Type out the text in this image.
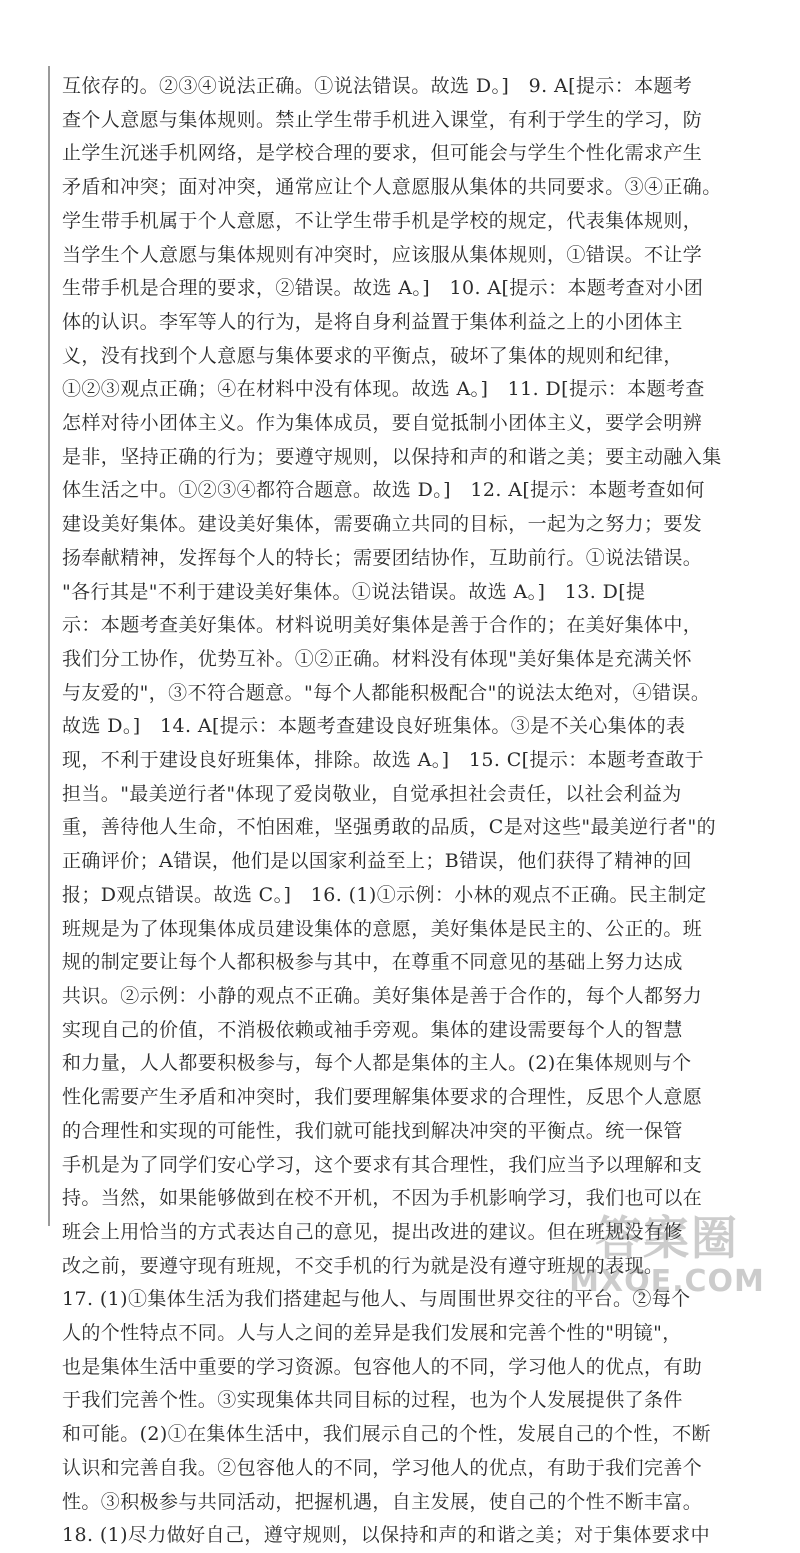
互依存的。②③④说法正确。①说法错误。故选 D。]　9. A[提示：本题考
查个人意愿与集体规则。禁止学生带手机进入课堂，有利于学生的学习，防
止学生沉迷手机网络，是学校合理的要求，但可能会与学生个性化需求产生
矛盾和冲突；面对冲突，通常应让个人意愿服从集体的共同要求。③④正确。
学生带手机属于个人意愿，不让学生带手机是学校的规定，代表集体规则，
当学生个人意愿与集体规则有冲突时，应该服从集体规则，①错误。不让学
生带手机是合理的要求，②错误。故选 A。]　10. A[提示：本题考查对小团
体的认识。李军等人的行为，是将自身利益置于集体利益之上的小团体主
义，没有找到个人意愿与集体要求的平衡点，破坏了集体的规则和纪律，
①②③观点正确；④在材料中没有体现。故选 A。]　11. D[提示：本题考查
怎样对待小团体主义。作为集体成员，要自觉抵制小团体主义，要学会明辨
是非，坚持正确的行为；要遵守规则，以保持和声的和谐之美；要主动融入集
体生活之中。①②③④都符合题意。故选 D。]　12. A[提示：本题考查如何
建设美好集体。建设美好集体，需要确立共同的目标，一起为之努力；要发
扬奉献精神，发挥每个人的特长；需要团结协作，互助前行。①说法错误。
"各行其是"不利于建设美好集体。①说法错误。故选 A。]　13. D[提
示：本题考查美好集体。材料说明美好集体是善于合作的；在美好集体中，
我们分工协作，优势互补。①②正确。材料没有体现"美好集体是充满关怀
与友爱的"，③不符合题意。"每个人都能积极配合"的说法太绝对，④错误。
故选 D。]　14. A[提示：本题考查建设良好班集体。③是不关心集体的表
现，不利于建设良好班集体，排除。故选 A。]　15. C[提示：本题考查敢于
担当。"最美逆行者"体现了爱岗敬业，自觉承担社会责任，以社会利益为
重，善待他人生命，不怕困难，坚强勇敢的品质，C是对这些"最美逆行者"的
正确评价；A错误，他们是以国家利益至上；B错误，他们获得了精神的回
报；D观点错误。故选 C。]　16. (1)①示例：小林的观点不正确。民主制定
班规是为了体现集体成员建设集体的意愿，美好集体是民主的、公正的。班
规的制定要让每个人都积极参与其中，在尊重不同意见的基础上努力达成
共识。②示例：小静的观点不正确。美好集体是善于合作的，每个人都努力
实现自己的价值，不消极依赖或袖手旁观。集体的建设需要每个人的智慧
和力量，人人都要积极参与，每个人都是集体的主人。(2)在集体规则与个
性化需要产生矛盾和冲突时，我们要理解集体要求的合理性，反思个人意愿
的合理性和实现的可能性，我们就可能找到解决冲突的平衡点。统一保管
手机是为了同学们安心学习，这个要求有其合理性，我们应当予以理解和支
持。当然，如果能够做到在校不开机，不因为手机影响学习，我们也可以在
班会上用恰当的方式表达自己的意见，提出改进的建议。但在班规没有修
改之前，要遵守现有班规，不交手机的行为就是没有遵守班规的表现。
17. (1)①集体生活为我们搭建起与他人、与周围世界交往的平台。②每个
人的个性特点不同。人与人之间的差异是我们发展和完善个性的"明镜"，
也是集体生活中重要的学习资源。包容他人的不同，学习他人的优点，有助
于我们完善个性。③实现集体共同目标的过程，也为个人发展提供了条件
和可能。(2)①在集体生活中，我们展示自己的个性，发展自己的个性，不断
认识和完善自我。②包容他人的不同，学习他人的优点，有助于我们完善个
性。③积极参与共同活动，把握机遇，自主发展，使自己的个性不断丰富。
18. (1)尽力做好自己，遵守规则，以保持和声的和谐之美；对于集体要求中
答案圈
MXQE.COM
